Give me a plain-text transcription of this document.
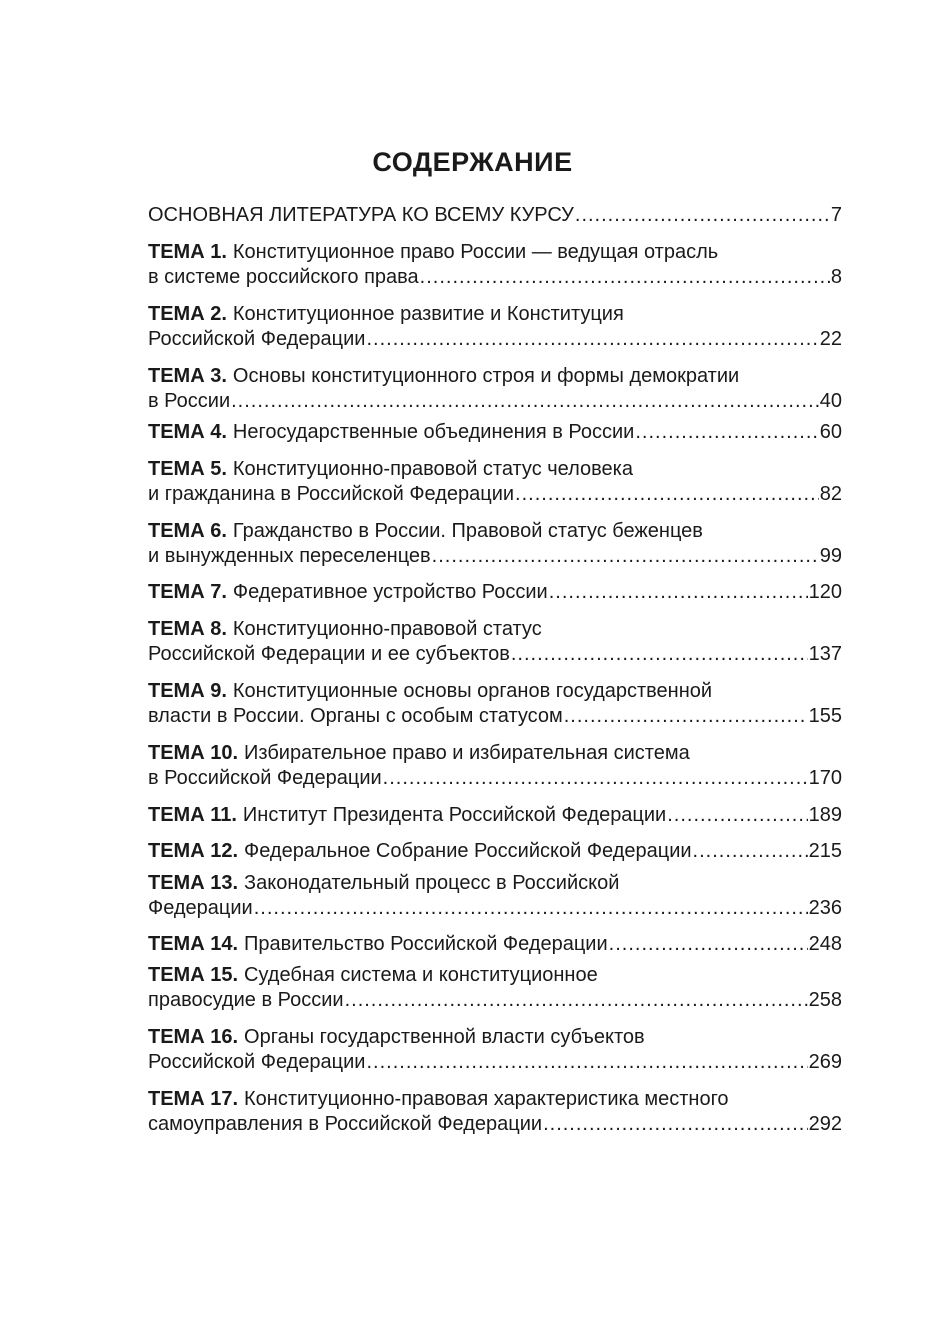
СОДЕРЖАНИЕ
ОСНОВНАЯ ЛИТЕРАТУРА КО ВСЕМУ КУРСУ .....	7
ТЕМА 1. Конституционное право России — ведущая отрасль
в системе российского права .....	8
ТЕМА 2. Конституционное развитие и Конституция
Российской Федерации .....	22
ТЕМА 3. Основы конституционного строя и формы демократии
в России .....	40
ТЕМА 4. Негосударственные объединения в России .....	60
ТЕМА 5. Конституционно-правовой статус человека
и гражданина в Российской Федерации .....	82
ТЕМА 6. Гражданство в России. Правовой статус беженцев
и вынужденных переселенцев .....	99
ТЕМА 7. Федеративное устройство России .....	120
ТЕМА 8. Конституционно-правовой статус
Российской Федерации и ее субъектов .....	137
ТЕМА 9. Конституционные основы органов государственной
власти в России. Органы с особым статусом .....	155
ТЕМА 10. Избирательное право и избирательная система
в Российской Федерации .....	170
ТЕМА 11. Институт Президента Российской Федерации .....	189
ТЕМА 12. Федеральное Собрание Российской Федерации .....	215
ТЕМА 13. Законодательный процесс в Российской
Федерации .....	236
ТЕМА 14. Правительство Российской Федерации .....	248
ТЕМА 15. Судебная система и конституционное
правосудие в России .....	258
ТЕМА 16. Органы государственной власти субъектов
Российской Федерации .....	269
ТЕМА 17. Конституционно-правовая характеристика местного
самоуправления в Российской Федерации .....	292
